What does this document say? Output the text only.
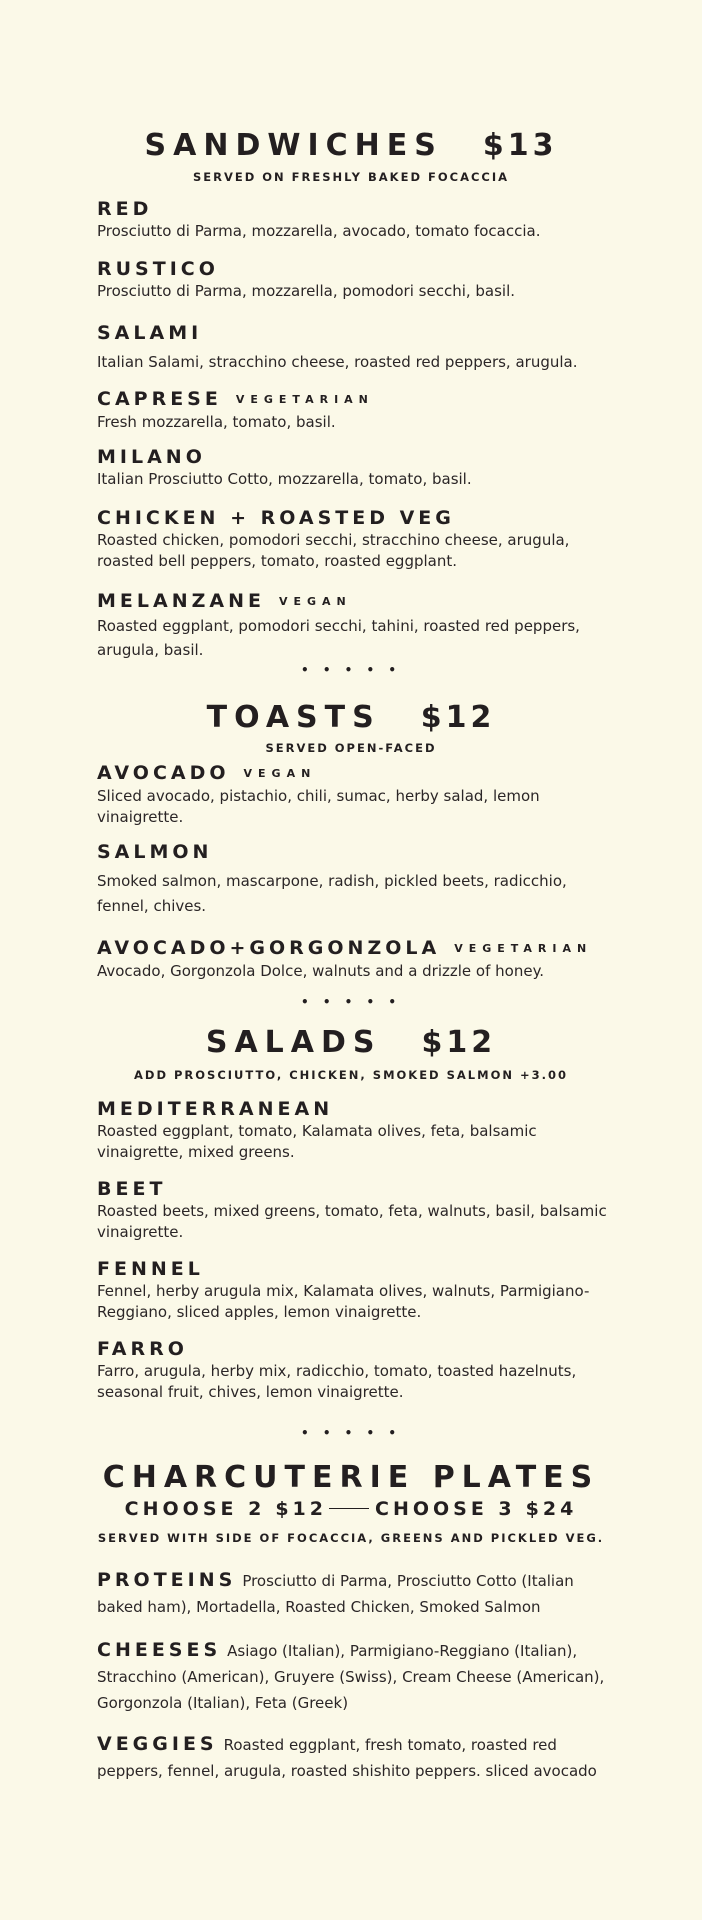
SANDWICHES $13
SERVED ON FRESHLY BAKED FOCACCIA
RED
Prosciutto di Parma, mozzarella, avocado, tomato focaccia.
RUSTICO
Prosciutto di Parma, mozzarella, pomodori secchi, basil.
SALAMI
Italian Salami, stracchino cheese, roasted red peppers, arugula.
CAPRESE VEGETARIAN
Fresh mozzarella, tomato, basil.
MILANO
Italian Prosciutto Cotto, mozzarella, tomato, basil.
CHICKEN + ROASTED VEG
Roasted chicken, pomodori secchi, stracchino cheese, arugula, roasted bell peppers, tomato, roasted eggplant.
MELANZANE VEGAN
Roasted eggplant, pomodori secchi, tahini, roasted red peppers, arugula, basil.
• • • • •
TOASTS $12
SERVED OPEN-FACED
AVOCADO VEGAN
Sliced avocado, pistachio, chili, sumac, herby salad, lemon vinaigrette.
SALMON
Smoked salmon, mascarpone, radish, pickled beets, radicchio, fennel, chives.
AVOCADO+GORGONZOLA VEGETARIAN
Avocado, Gorgonzola Dolce, walnuts and a drizzle of honey.
• • • • •
SALADS $12
ADD PROSCIUTTO, CHICKEN, SMOKED SALMON +3.00
MEDITERRANEAN
Roasted eggplant, tomato, Kalamata olives, feta, balsamic vinaigrette, mixed greens.
BEET
Roasted beets, mixed greens, tomato, feta, walnuts, basil, balsamic vinaigrette.
FENNEL
Fennel, herby arugula mix, Kalamata olives, walnuts, Parmigiano-Reggiano, sliced apples, lemon vinaigrette.
FARRO
Farro, arugula, herby mix, radicchio, tomato, toasted hazelnuts, seasonal fruit, chives, lemon vinaigrette.
• • • • •
CHARCUTERIE PLATES
CHOOSE 2 $12	CHOOSE 3 $24
SERVED WITH SIDE OF FOCACCIA, GREENS AND PICKLED VEG.
PROTEINS Prosciutto di Parma, Prosciutto Cotto (Italian baked ham), Mortadella, Roasted Chicken, Smoked Salmon
CHEESES Asiago (Italian), Parmigiano-Reggiano (Italian), Stracchino (American), Gruyere (Swiss), Cream Cheese (American), Gorgonzola (Italian), Feta (Greek)
VEGGIES Roasted eggplant, fresh tomato, roasted red peppers, fennel, arugula, roasted shishito peppers. sliced avocado
